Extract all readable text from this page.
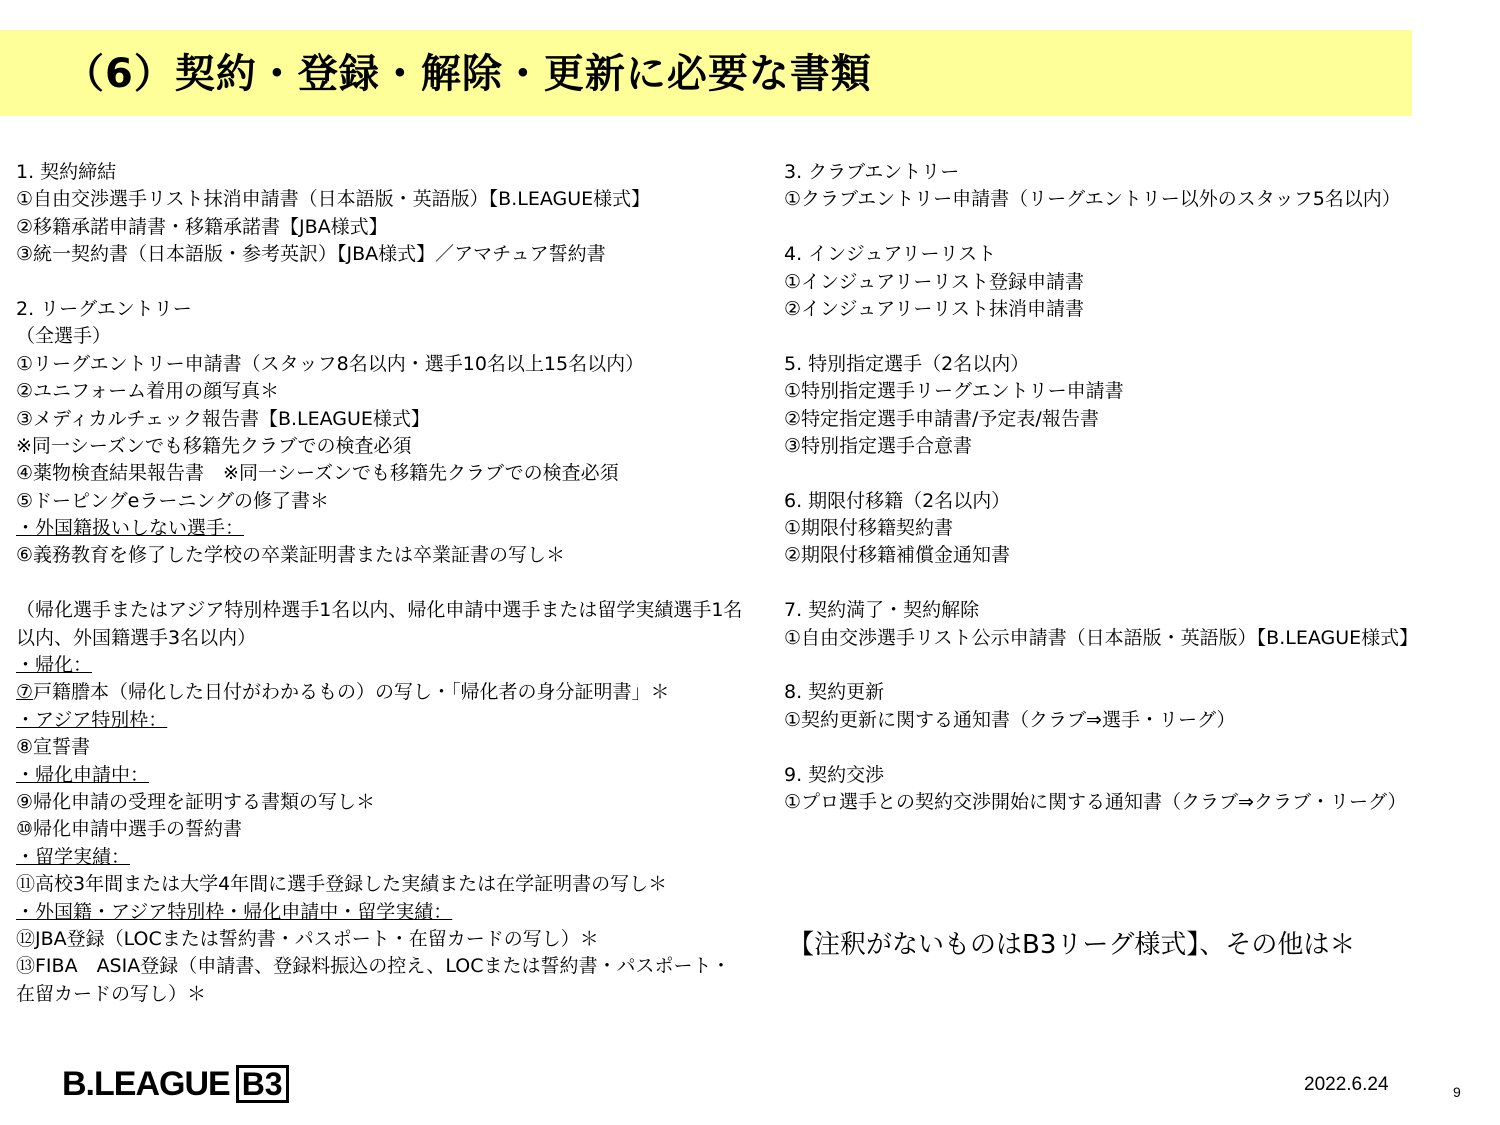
（6）契約・登録・解除・更新に必要な書類
1. 契約締結
①自由交渉選手リスト抹消申請書（日本語版・英語版）【B.LEAGUE様式】
②移籍承諾申請書・移籍承諾書【JBA様式】
③統一契約書（日本語版・参考英訳）【JBA様式】／アマチュア誓約書
2. リーグエントリー
（全選手）
①リーグエントリー申請書（スタッフ8名以内・選手10名以上15名以内）
②ユニフォーム着用の顔写真＊
③メディカルチェック報告書【B.LEAGUE様式】
※同一シーズンでも移籍先クラブでの検査必須
④薬物検査結果報告書　※同一シーズンでも移籍先クラブでの検査必須
⑤ドーピングeラーニングの修了書＊
・外国籍扱いしない選手：
⑥義務教育を修了した学校の卒業証明書または卒業証書の写し＊
（帰化選手またはアジア特別枠選手1名以内、帰化申請中選手または留学実績選手1名以内、外国籍選手3名以内）
・帰化：
⑦戸籍謄本（帰化した日付がわかるもの）の写し・「帰化者の身分証明書」＊
・アジア特別枠：
⑧宣誓書
・帰化申請中：
⑨帰化申請の受理を証明する書類の写し＊
⑩帰化申請中選手の誓約書
・留学実績：
⑪高校3年間または大学4年間に選手登録した実績または在学証明書の写し＊
・外国籍・アジア特別枠・帰化申請中・留学実績：
⑫JBA登録（LOCまたは誓約書・パスポート・在留カードの写し）＊
⑬FIBA　ASIA登録（申請書、登録料振込の控え、LOCまたは誓約書・パスポート・在留カードの写し）＊
3. クラブエントリー
①クラブエントリー申請書（リーグエントリー以外のスタッフ5名以内）
4. インジュアリーリスト
①インジュアリーリスト登録申請書
②インジュアリーリスト抹消申請書
5. 特別指定選手（2名以内）
①特別指定選手リーグエントリー申請書
②特定指定選手申請書/予定表/報告書
③特別指定選手合意書
6. 期限付移籍（2名以内）
①期限付移籍契約書
②期限付移籍補償金通知書
7. 契約満了・契約解除
①自由交渉選手リスト公示申請書（日本語版・英語版）【B.LEAGUE様式】
8. 契約更新
①契約更新に関する通知書（クラブ⇒選手・リーグ）
9. 契約交渉
①プロ選手との契約交渉開始に関する通知書（クラブ⇒クラブ・リーグ）
【注釈がないものはB3リーグ様式】、その他は＊
B.LEAGUE B3	2022.6.24	9
